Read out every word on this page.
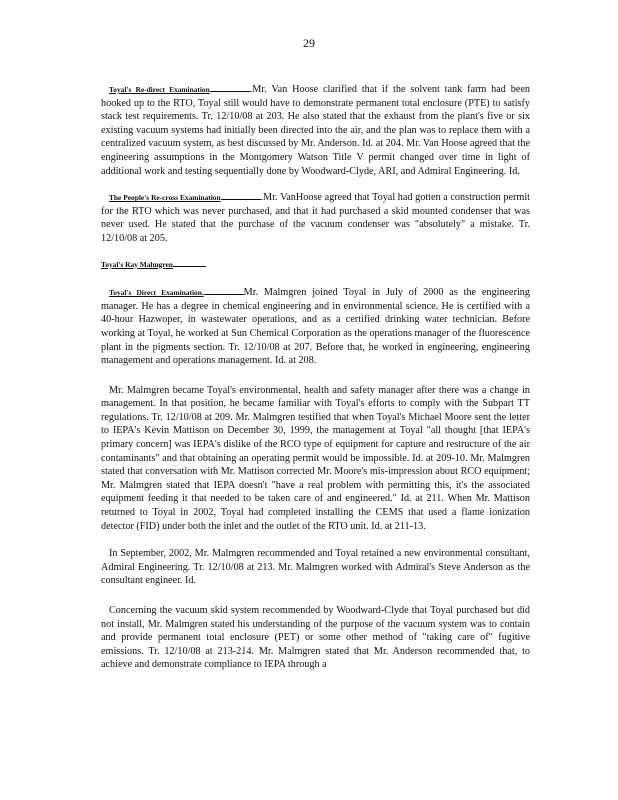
29

Toyal's Re-direct Examination	.Mr. Van Hoose clarified that if the solvent tank farm had been hooked up to the RTO, Toyal still would have to demonstrate permanent total enclosure (PTE) to satisfy stack test requirements. Tr. 12/10/08 at 203. He also stated that the exhaust from the plant's five or six existing vacuum systems had initially been directed into the air, and the plan was to replace them with a centralized vacuum system, as best discussed by Mr. Anderson. Id. at 204. Mr. Van Hoose agreed that the engineering assumptions in the Montgomery Watson Title V permit changed over time in light of additional work and testing sequentially done by Woodward-Clyde, ARI, and Admiral Engineering. Id.

The People's Re-cross Examination	.Mr. VanHoose agreed that Toyal had gotten a construction permit for the RTO which was never purchased, and that it had purchased a skid mounted condenser that was never used. He stated that the purchase of the vacuum condenser was "absolutely" a mistake. Tr. 12/10/08 at 205.

Toyal's Ray Malmgren

Toyal's Direct Examination.	Mr. Malmgren joined Toyal in July of 2000 as the engineering manager. He has a degree in chemical engineering and in environmental science. He is certified with a 40-hour Hazwoper, in wastewater operations, and as a certified drinking water technician. Before working at Toyal, he worked at Sun Chemical Corporation as the operations manager of the fluorescence plant in the pigments section. Tr. 12/10/08 at 207. Before that, he worked in engineering, engineering management and operations management. Id. at 208.

Mr. Malmgren became Toyal's environmental, health and safety manager after there was a change in management. In that position, he became familiar with Toyal's efforts to comply with the Subpart TT regulations. Tr. 12/10/08 at 209. Mr. Malmgren testified that when Toyal's Michael Moore sent the letter to IEPA's Kevin Mattison on December 30, 1999, the management at Toyal "all thought [that IEPA's primary concern] was IEPA's dislike of the RCO type of equipment for capture and restructure of the air contaminants" and that obtaining an operating permit would be impossible. Id. at 209-10. Mr. Malmgren stated that conversation with Mr. Mattison corrected Mr. Moore's mis-impression about RCO equipment; Mr. Malmgren stated that IEPA doesn't "have a real problem with permitting this, it's the associated equipment feeding it that needed to be taken care of and engineered." Id. at 211. When Mr. Mattison returned to Toyal in 2002, Toyal had completed installing the CEMS that used a flame ionization detector (FID) under both the inlet and the outlet of the RTO unit. Id. at 211-13.

In September, 2002, Mr. Malmgren recommended and Toyal retained a new environmental consultant, Admiral Engineering. Tr. 12/10/08 at 213. Mr. Malmgren worked with Admiral's Steve Anderson as the consultant engineer. Id.

Concerning the vacuum skid system recommended by Woodward-Clyde that Toyal purchased but did not install, Mr. Malmgren stated his understanding of the purpose of the vacuum system was to contain and provide permanent total enclosure (PET) or some other method of "taking care of" fugitive emissions. Tr. 12/10/08 at 213-214. Mr. Malmgren stated that Mr. Anderson recommended that, to achieve and demonstrate compliance to IEPA through a
